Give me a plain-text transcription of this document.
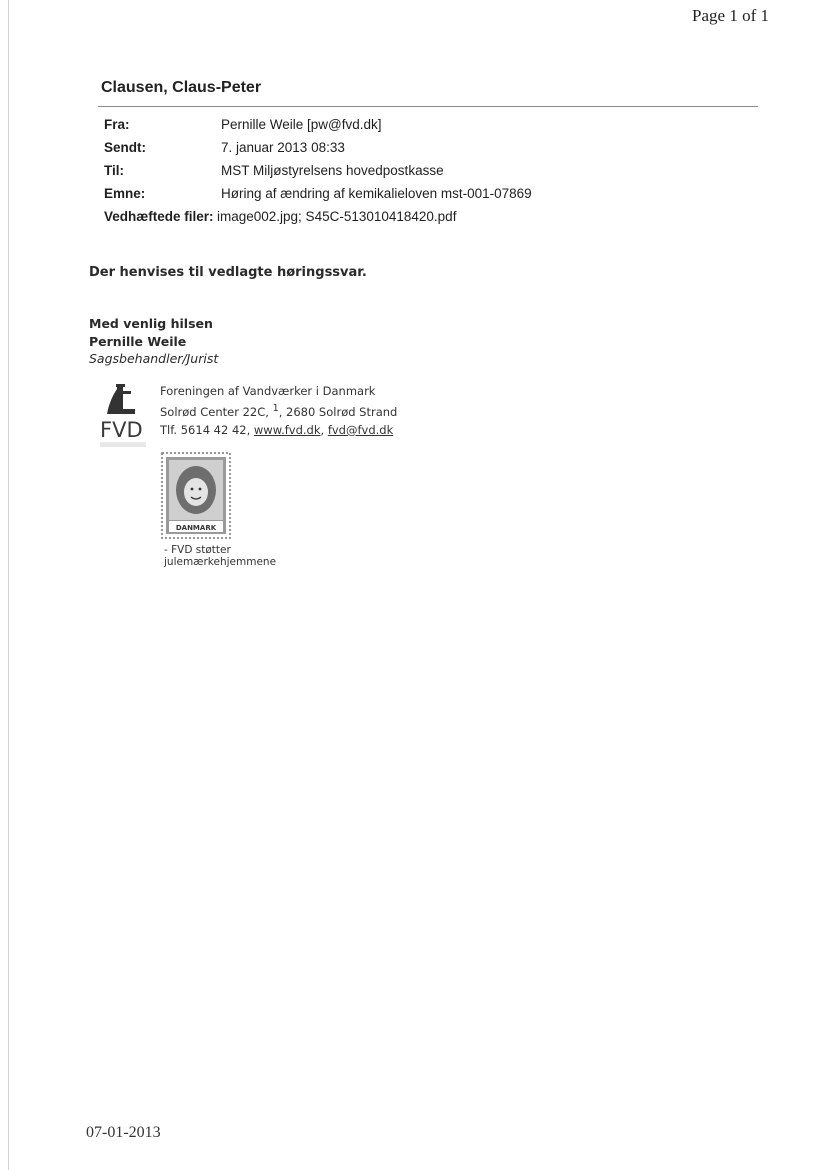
Page 1 of 1
Clausen, Claus-Peter
Fra:	Pernille Weile [pw@fvd.dk]
Sendt:	7. januar 2013 08:33
Til:	MST Miljøstyrelsens hovedpostkasse
Emne:	Høring af ændring af kemikalieloven mst-001-07869
Vedhæftede filer: image002.jpg; S45C-513010418420.pdf
Der henvises til vedlagte høringssvar.
Med venlig hilsen
Pernille Weile
Sagsbehandler/Jurist
FVD
Foreningen af Vandværker i Danmark
Solrød Center 22C, $^1$, 2680 Solrød Strand
Tlf. 5614 42 42, www.fvd.dk, fvd@fvd.dk
DANMARK
- FVD støtter
julemærkehjemmene
07-01-2013
